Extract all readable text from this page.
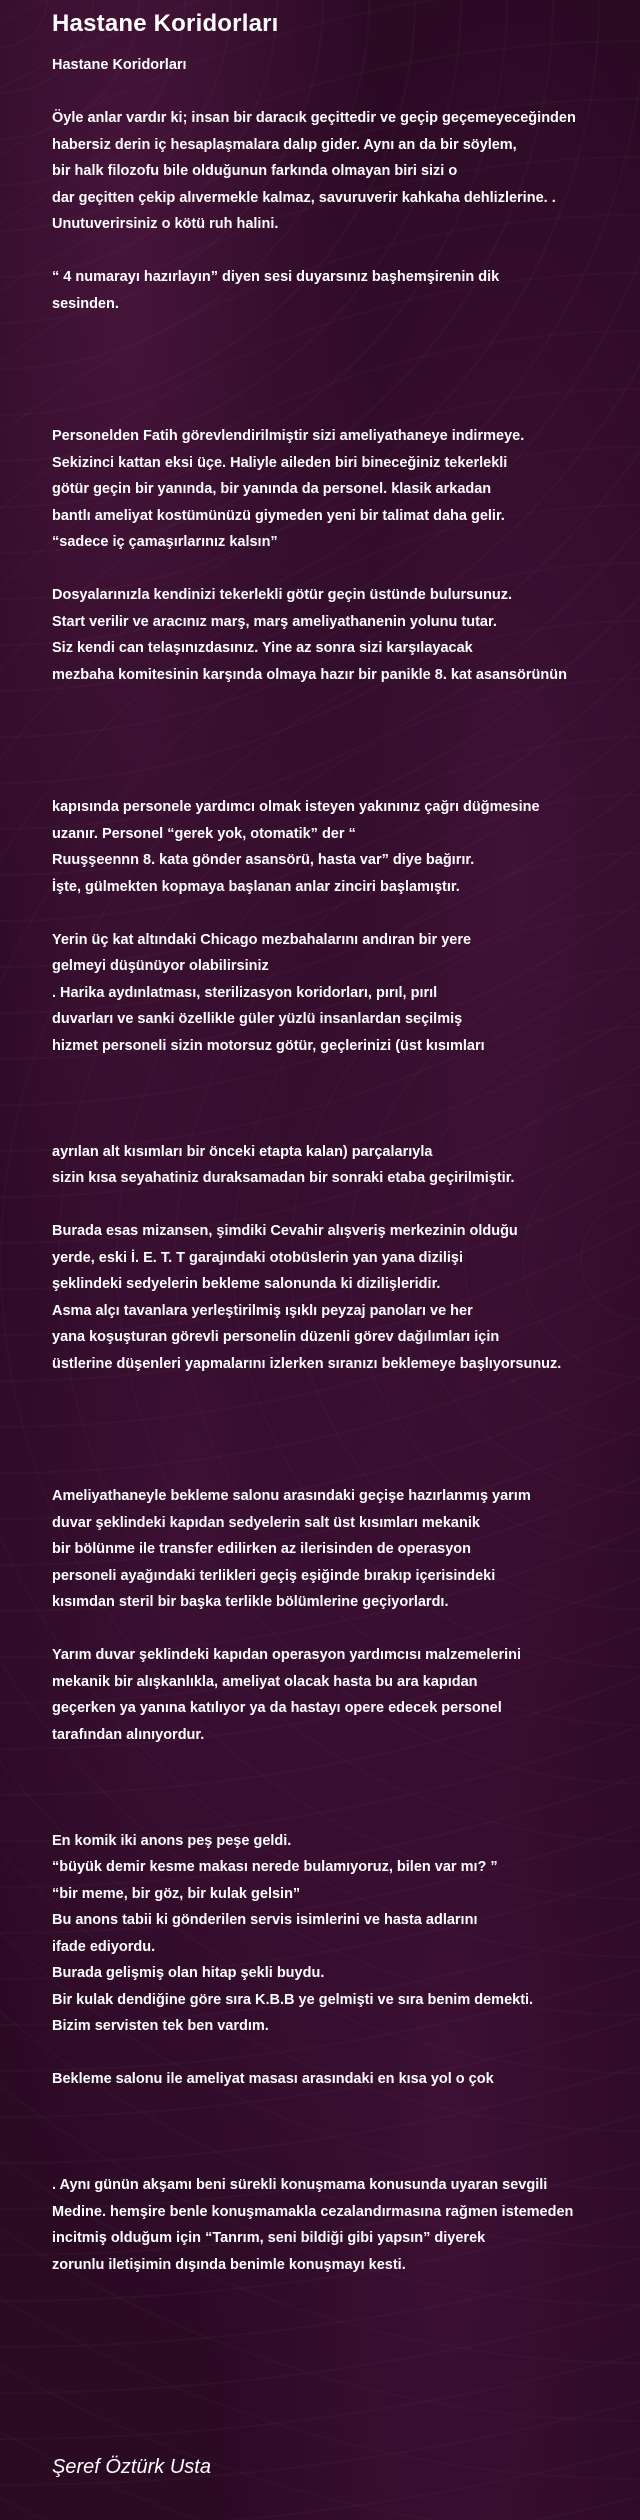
Hastane Koridorları
Hastane Koridorları
Öyle anlar vardır ki; insan bir daracık geçittedir ve geçip geçemeyeceğinden
habersiz derin iç hesaplaşmalara dalıp gider. Aynı an da bir söylem,
bir halk filozofu bile olduğunun farkında olmayan biri sizi o
dar geçitten çekip alıvermekle kalmaz, savuruverir kahkaha dehlizlerine. .
Unutuverirsiniz o kötü ruh halini.
“ 4 numarayı hazırlayın” diyen sesi duyarsınız başhemşirenin dik
sesinden.
Personelden Fatih görevlendirilmiştir sizi ameliyathaneye indirmeye.
Sekizinci kattan eksi üçe. Haliyle aileden biri bineceğiniz tekerlekli
götür geçin bir yanında, bir yanında da personel. klasik arkadan
bantlı ameliyat kostümünüzü giymeden yeni bir talimat daha gelir.
“sadece iç çamaşırlarınız kalsın”
Dosyalarınızla kendinizi tekerlekli götür geçin üstünde bulursunuz.
Start verilir ve aracınız marş, marş ameliyathanenin yolunu tutar.
Siz kendi can telaşınızdasınız. Yine az sonra sizi karşılayacak
mezbaha komitesinin karşında olmaya hazır bir panikle 8. kat asansörünün
kapısında personele yardımcı olmak isteyen yakınınız çağrı düğmesine
uzanır. Personel “gerek yok, otomatik” der “
Ruuşşeennn 8. kata gönder asansörü, hasta var” diye bağırır.
İşte, gülmekten kopmaya başlanan anlar zinciri başlamıştır.
Yerin üç kat altındaki Chicago mezbahalarını andıran bir yere
gelmeyi düşünüyor olabilirsiniz
. Harika aydınlatması, sterilizasyon koridorları, pırıl, pırıl
duvarları ve sanki özellikle güler yüzlü insanlardan seçilmiş
hizmet personeli sizin motorsuz götür, geçlerinizi (üst kısımları
ayrılan alt kısımları bir önceki etapta kalan) parçalarıyla
sizin kısa seyahatiniz duraksamadan bir sonraki etaba geçirilmiştir.
Burada esas mizansen, şimdiki Cevahir alışveriş merkezinin olduğu
yerde, eski İ. E. T. T garajındaki otobüslerin yan yana dizilişi
şeklindeki sedyelerin bekleme salonunda ki dizilişleridir.
Asma alçı tavanlara yerleştirilmiş ışıklı peyzaj panoları ve her
yana koşuşturan görevli personelin düzenli görev dağılımları için
üstlerine düşenleri yapmalarını izlerken sıranızı beklemeye başlıyorsunuz.
Ameliyathaneyle bekleme salonu arasındaki geçişe hazırlanmış yarım
duvar şeklindeki kapıdan sedyelerin salt üst kısımları mekanik
bir bölünme ile transfer edilirken az ilerisinden de operasyon
personeli ayağındaki terlikleri geçiş eşiğinde bırakıp içerisindeki
kısımdan steril bir başka terlikle bölümlerine geçiyorlardı.
Yarım duvar şeklindeki kapıdan operasyon yardımcısı malzemelerini
mekanik bir alışkanlıkla, ameliyat olacak hasta bu ara kapıdan
geçerken ya yanına katılıyor ya da hastayı opere edecek personel
tarafından alınıyordur.
En komik iki anons peş peşe geldi.
“büyük demir kesme makası nerede bulamıyoruz, bilen var mı? ”
“bir meme, bir göz, bir kulak gelsin”
Bu anons tabii ki gönderilen servis isimlerini ve hasta adlarını
ifade ediyordu.
Burada gelişmiş olan hitap şekli buydu.
Bir kulak dendiğine göre sıra K.B.B ye gelmişti ve sıra benim demekti.
Bizim servisten tek ben vardım.
Bekleme salonu ile ameliyat masası arasındaki en kısa yol o çok
. Aynı günün akşamı beni sürekli konuşmama konusunda uyaran sevgili
Medine. hemşire benle konuşmamakla cezalandırmasına rağmen istemeden
incitmiş olduğum için “Tanrım, seni bildiği gibi yapsın” diyerek
zorunlu iletişimin dışında benimle konuşmayı kesti.

Şeref Öztürk Usta
